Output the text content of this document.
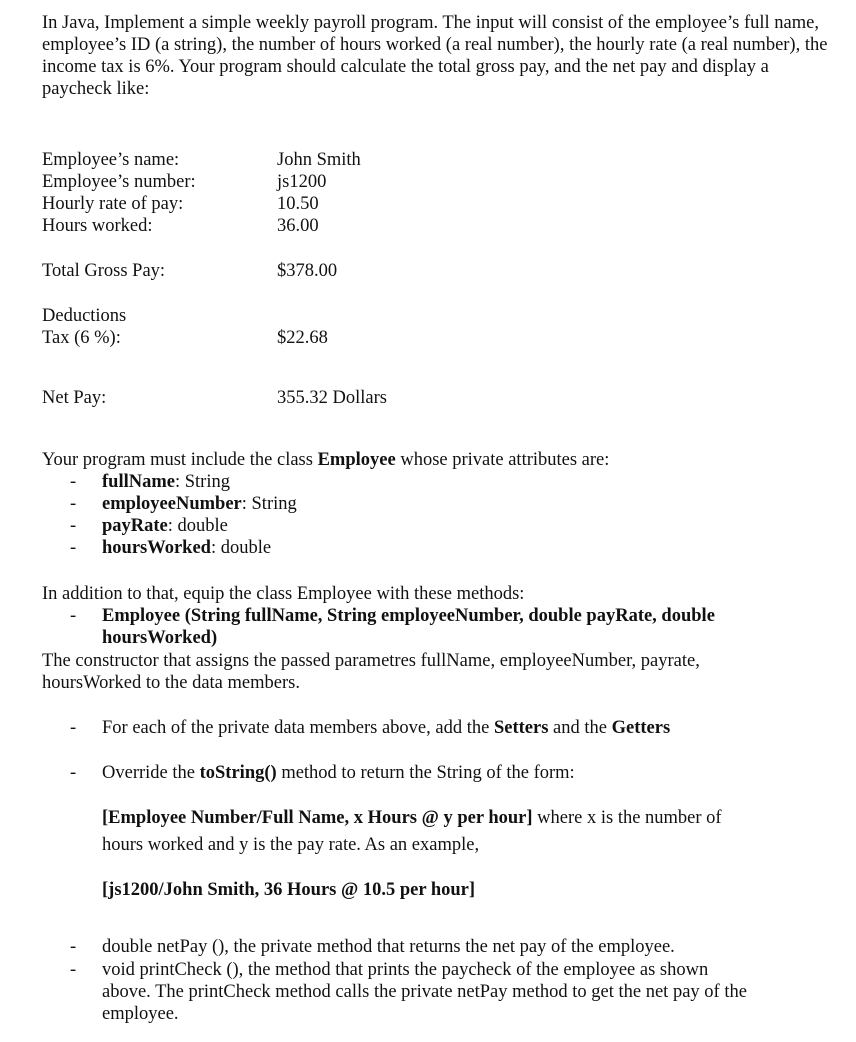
In Java, Implement a simple weekly payroll program. The input will consist of the employee’s full name, employee’s ID (a string), the number of hours worked (a real number), the hourly rate (a real number), the income tax is 6%. Your program should calculate the total gross pay, and the net pay and display a paycheck like:
Employee’s name:	John Smith
Employee’s number:	js1200
Hourly rate of pay:	10.50
Hours worked:	36.00
Total Gross Pay:	$378.00
Deductions
Tax (6 %):	$22.68
Net Pay:	355.32 Dollars
Your program must include the class Employee whose private attributes are:
- fullName: String
- employeeNumber: String
- payRate: double
- hoursWorked: double
In addition to that, equip the class Employee with these methods:
- Employee (String fullName, String employeeNumber, double payRate, double
hoursWorked)
The constructor that assigns the passed parametres fullName, employeeNumber, payrate,
hoursWorked to the data members.
- For each of the private data members above, add the Setters and the Getters
- Override the toString() method to return the String of the form:
[Employee Number/Full Name, x Hours @ y per hour] where x is the number of
hours worked and y is the pay rate. As an example,
[js1200/John Smith, 36 Hours @ 10.5 per hour]
- double netPay (), the private method that returns the net pay of the employee.
- void printCheck (), the method that prints the paycheck of the employee as shown
above. The printCheck method calls the private netPay method to get the net pay of the
employee.
